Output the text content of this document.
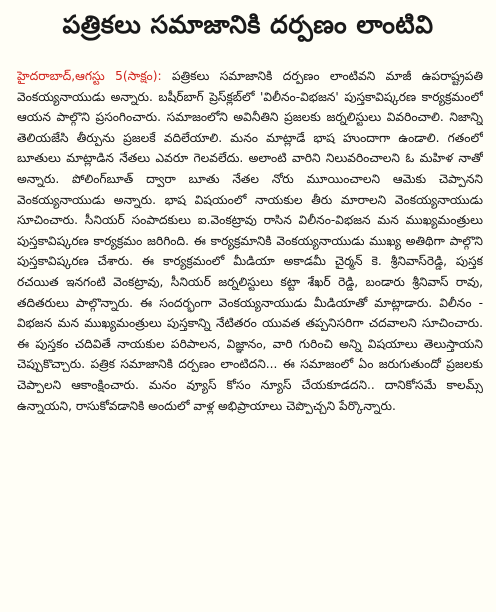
పత్రికలు సమాజానికి దర్పణం లాంటివి
హైదరాబాద్,ఆగస్టు 5(సాక్షం): పత్రికలు సమాజానికి దర్పణం లాంటివని మాజీ ఉపరాష్ట్రపతి వెంకయ్యనాయుడు అన్నారు. బషీర్‌బాగ్ ప్రెస్‌క్లబ్‌లో 'విలీనం-విభజన' పుస్తకావిష్కరణ కార్యక్రమంలో ఆయన పాల్గొని ప్రసంగించారు. సమాజంలోని అవినీతిని ప్రజలకు జర్నలిస్టులు వివరించాలి. నిజాన్ని తెలియజేసి తీర్పును ప్రజలకే వదిలేయాలి. మనం మాట్లాడే భాష హుందాగా ఉండాలి. గతంలో బూతులు మాట్లాడిన నేతలు ఎవరూ గెలవలేదు. అలాంటి వారిని నిలువరించాలని ఓ మహిళ నాతో అన్నారు. పోలింగ్‌బూత్ ద్వారా బూతు నేతల నోరు మూయించాలని ఆమెకు చెప్పానని వెంకయ్యనాయుడు అన్నారు. భాష విషయంలో నాయకుల తీరు మారాలని వెంకయ్యనాయుడు సూచించారు. సీనియర్ సంపాదకులు ఐ.వెంకట్రావు రాసిన విలీనం-విభజన మన ముఖ్యమంత్రులు పుస్తకావిష్కరణ కార్యక్రమం జరిగింది. ఈ కార్యక్రమానికి వెంకయ్యనాయుడు ముఖ్య అతిథిగా పాల్గొని పుస్తకావిష్కరణ చేశారు. ఈ కార్యక్రమంలో మీడియా అకాడమీ చైర్మన్ కె. శ్రీనివాస్‌రెడ్డి, పుస్తక రచయిత ఇనగంటి వెంకట్రావు, సీనియర్ జర్నలిస్టులు కట్టా శేఖర్ రెడ్డి, బండారు శ్రీనివాస్ రావు, తదితరులు పాల్గొన్నారు. ఈ సందర్భంగా వెంకయ్యనాయుడు మీడియాతో మాట్లాడారు. విలీనం - విభజన మన ముఖ్యమంత్రులు పుస్తకాన్ని నేటితరం యువత తప్పనిసరిగా చదవాలని సూచించారు. ఈ పుస్తకం చదివితే నాయకుల పరిపాలన, విజ్ఞానం, వారి గురించి అన్ని విషయాలు తెలుస్తాయని చెప్పుకొచ్చారు. పత్రిక సమాజానికి దర్పణం లాంటిదని... ఈ సమాజంలో ఏం జరుగుతుందో ప్రజలకు చెప్పాలని ఆకాంక్షించారు. మనం వ్యూస్ కోసం న్యూస్ చేయకూడదని.. దానికోసమే కాలమ్స్ ఉన్నాయని, రాసుకోవడానికి అందులో వాళ్ల అభిప్రాయాలు చెప్పొచ్చని పేర్కొన్నారు.
